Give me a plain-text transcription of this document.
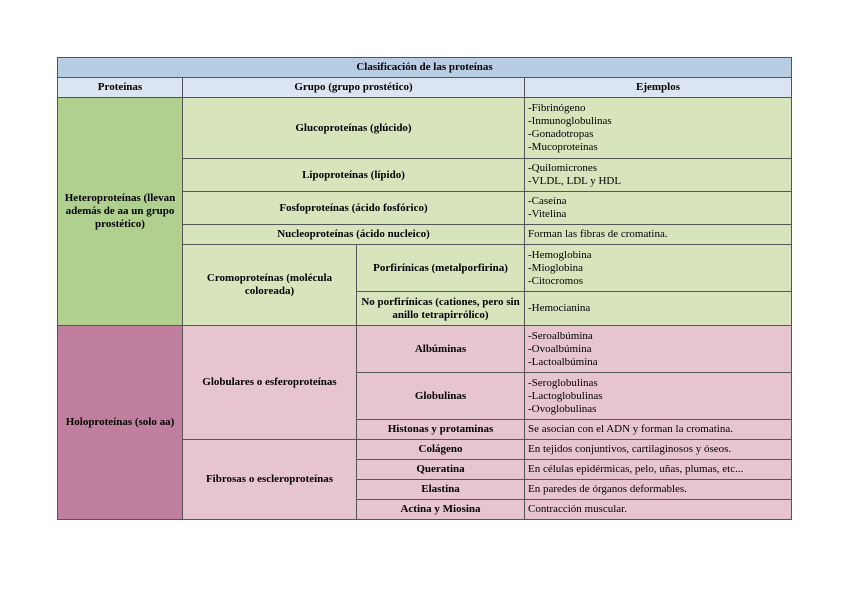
Clasificación de las proteínas			
Proteínas	Grupo (grupo prostético)		Ejemplos
Heteroproteínas (llevan además de aa un grupo prostético)	Glucoproteínas (glúcido)		-Fibrinógeno
-Inmunoglobulinas
-Gonadotropas
-Mucoproteínas

	Lipoproteínas (lípido)		-Quilomicrones
-VLDL, LDL y HDL

	Fosfoproteínas (ácido fosfórico)		-Caseína
-Vitelina

	Nucleoproteínas (ácido nucleico)		Forman las fibras de cromatina.

	Cromoproteínas (molécula coloreada)	Porfirínicas (metalporfirina)	-Hemoglobina
-Mioglobina
-Citocromos

		No porfirínicas (cationes, pero sin anillo tetrapirrólico)	-Hemocianina

Holoproteínas (solo aa)	Globulares o esferoproteínas	Albúminas	-Seroalbúmina
-Ovoalbúmina
-Lactoalbúmina

		Globulinas	-Seroglobulinas
-Lactoglobulinas
-Ovoglobulinas

		Histonas y protaminas	Se asocian con el ADN y forman la cromatina.

	Fibrosas o escleroproteínas	Colágeno	En tejidos conjuntivos, cartilaginosos y óseos.

		Queratina	En células epidérmicas, pelo, uñas, plumas, etc...

		Elastina	En paredes de órganos deformables.

		Actina y Miosina	Contracción muscular.
